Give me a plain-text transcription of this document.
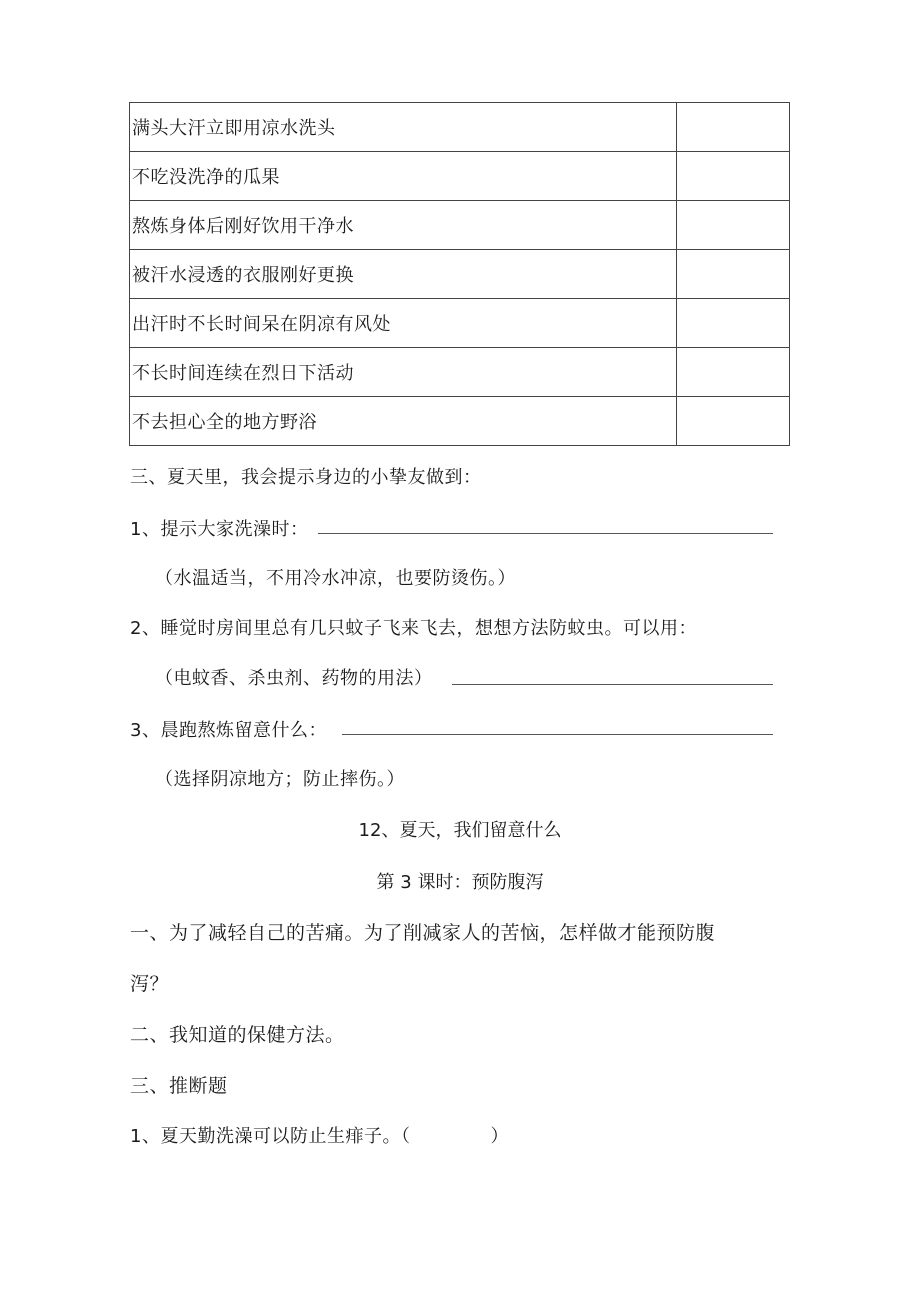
满头大汗立即用凉水洗头	
不吃没洗净的瓜果	
熬炼身体后刚好饮用干净水	
被汗水浸透的衣服刚好更换	
出汗时不长时间呆在阴凉有风处	
不长时间连续在烈日下活动	
不去担心全的地方野浴	
三、夏天里，我会提示身边的小挚友做到：
1、提示大家洗澡时：
（水温适当，不用冷水冲凉，也要防烫伤。）
2、睡觉时房间里总有几只蚊子飞来飞去，想想方法防蚊虫。可以用：
（电蚊香、杀虫剂、药物的用法）
3、晨跑熬炼留意什么：
（选择阴凉地方；防止摔伤。）
12、夏天，我们留意什么
第 3 课时：预防腹泻
一、为了减轻自己的苦痛。为了削减家人的苦恼，怎样做才能预防腹
泻？
二、我知道的保健方法。
三、推断题
1、夏天勤洗澡可以防止生痱子。（	）
